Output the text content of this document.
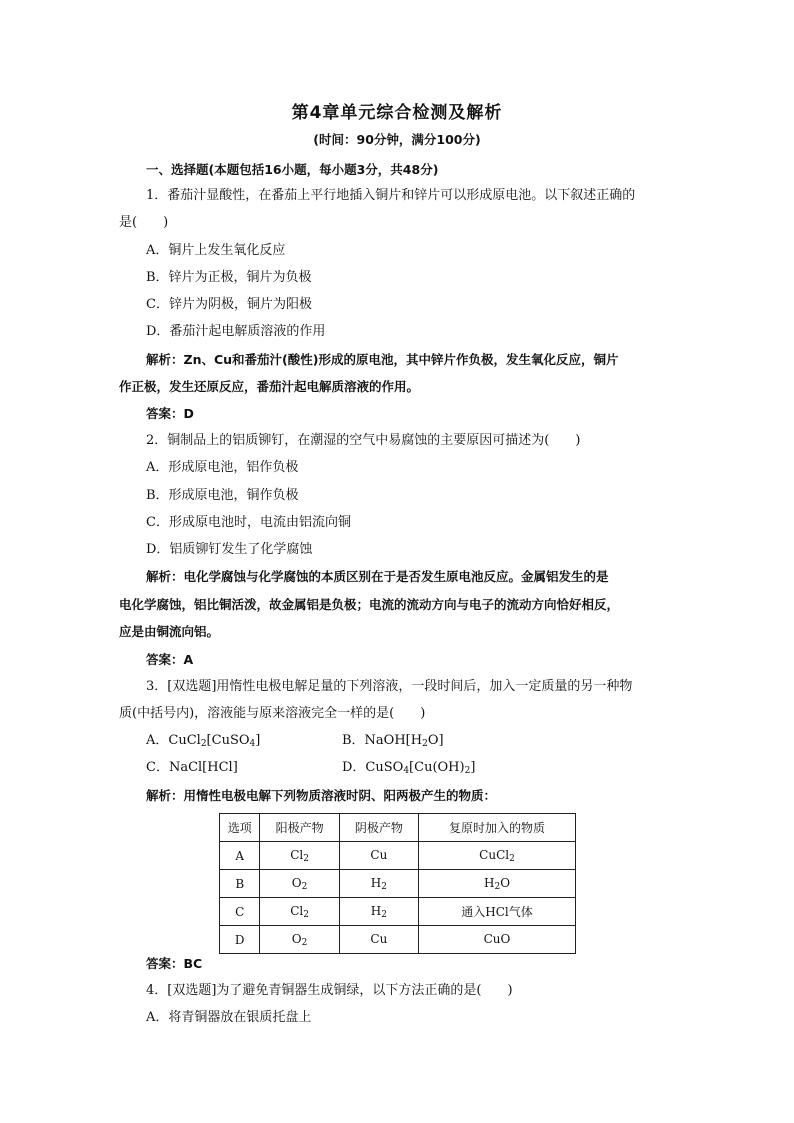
第4章单元综合检测及解析
(时间：90分钟，满分100分)
一、选择题(本题包括16小题，每小题3分，共48分)
1．番茄汁显酸性，在番茄上平行地插入铜片和锌片可以形成原电池。以下叙述正确的
是(　　)
A．铜片上发生氧化反应
B．锌片为正极，铜片为负极
C．锌片为阴极，铜片为阳极
D．番茄汁起电解质溶液的作用
解析：Zn、Cu和番茄汁(酸性)形成的原电池，其中锌片作负极，发生氧化反应，铜片
作正极，发生还原反应，番茄汁起电解质溶液的作用。
答案：D
2．铜制品上的铝质铆钉，在潮湿的空气中易腐蚀的主要原因可描述为(　　)
A．形成原电池，铝作负极
B．形成原电池，铜作负极
C．形成原电池时，电流由铝流向铜
D．铝质铆钉发生了化学腐蚀
解析：电化学腐蚀与化学腐蚀的本质区别在于是否发生原电池反应。金属铝发生的是
电化学腐蚀，铝比铜活泼，故金属铝是负极；电流的流动方向与电子的流动方向恰好相反，
应是由铜流向铝。
答案：A
3．[双选题]用惰性电极电解足量的下列溶液，一段时间后，加入一定质量的另一种物
质(中括号内)，溶液能与原来溶液完全一样的是(　　)
A．CuCl$_2$[CuSO$_4$]	B．$NaOH[H_2O]$
C．NaCl[HCl]	D．$CuSO_4[Cu(OH)_2]$
解析：用惰性电极电解下列物质溶液时阴、阳两极产生的物质：
选项	阳极产物	阴极产物	复原时加入的物质
A	$Cl_2$	Cu	CuCl$_2$
B	$O_2$	$H_2$	$H_2O$
C	$Cl_2$	$H_2$	通入HCl气体
D	$O_2$	Cu	CuO
答案：BC
4．[双选题]为了避免青铜器生成铜绿，以下方法正确的是(　　)
A．将青铜器放在银质托盘上
